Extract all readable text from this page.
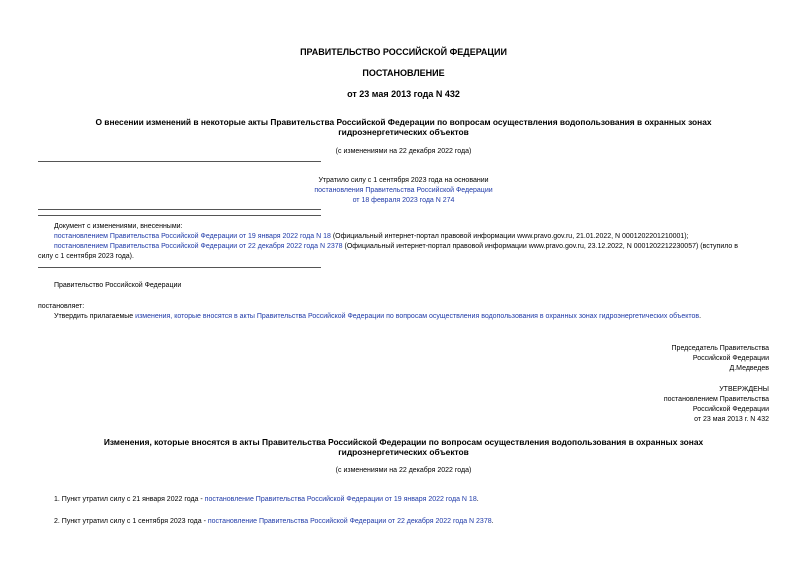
ПРАВИТЕЛЬСТВО РОССИЙСКОЙ ФЕДЕРАЦИИ
ПОСТАНОВЛЕНИЕ
от 23 мая 2013 года N 432
О внесении изменений в некоторые акты Правительства Российской Федерации по вопросам осуществления водопользования в охранных зонах
гидроэнергетических объектов
(с изменениями на 22 декабря 2022 года)
Утратило силу с 1 сентября 2023 года на основании
постановления Правительства Российской Федерации
от 18 февраля 2023 года N 274
Документ с изменениями, внесенными:
постановлением Правительства Российской Федерации от 19 января 2022 года N 18 (Официальный интернет-портал правовой информации www.pravo.gov.ru, 21.01.2022, N 0001202201210001);
постановлением Правительства Российской Федерации от 22 декабря 2022 года N 2378 (Официальный интернет-портал правовой информации www.pravo.gov.ru, 23.12.2022, N 0001202212230057) (вступило в
силу с 1 сентября 2023 года).
Правительство Российской Федерации
постановляет:
Утвердить прилагаемые изменения, которые вносятся в акты Правительства Российской Федерации по вопросам осуществления водопользования в охранных зонах гидроэнергетических объектов.
Председатель Правительства
Российской Федерации
Д.Медведев
УТВЕРЖДЕНЫ
постановлением Правительства
Российской Федерации
от 23 мая 2013 г. N 432
Изменения, которые вносятся в акты Правительства Российской Федерации по вопросам осуществления водопользования в охранных зонах
гидроэнергетических объектов
(с изменениями на 22 декабря 2022 года)
1. Пункт утратил силу с 21 января 2022 года - постановление Правительства Российской Федерации от 19 января 2022 года N 18.
2. Пункт утратил силу с 1 сентября 2023 года - постановление Правительства Российской Федерации от 22 декабря 2022 года N 2378.
